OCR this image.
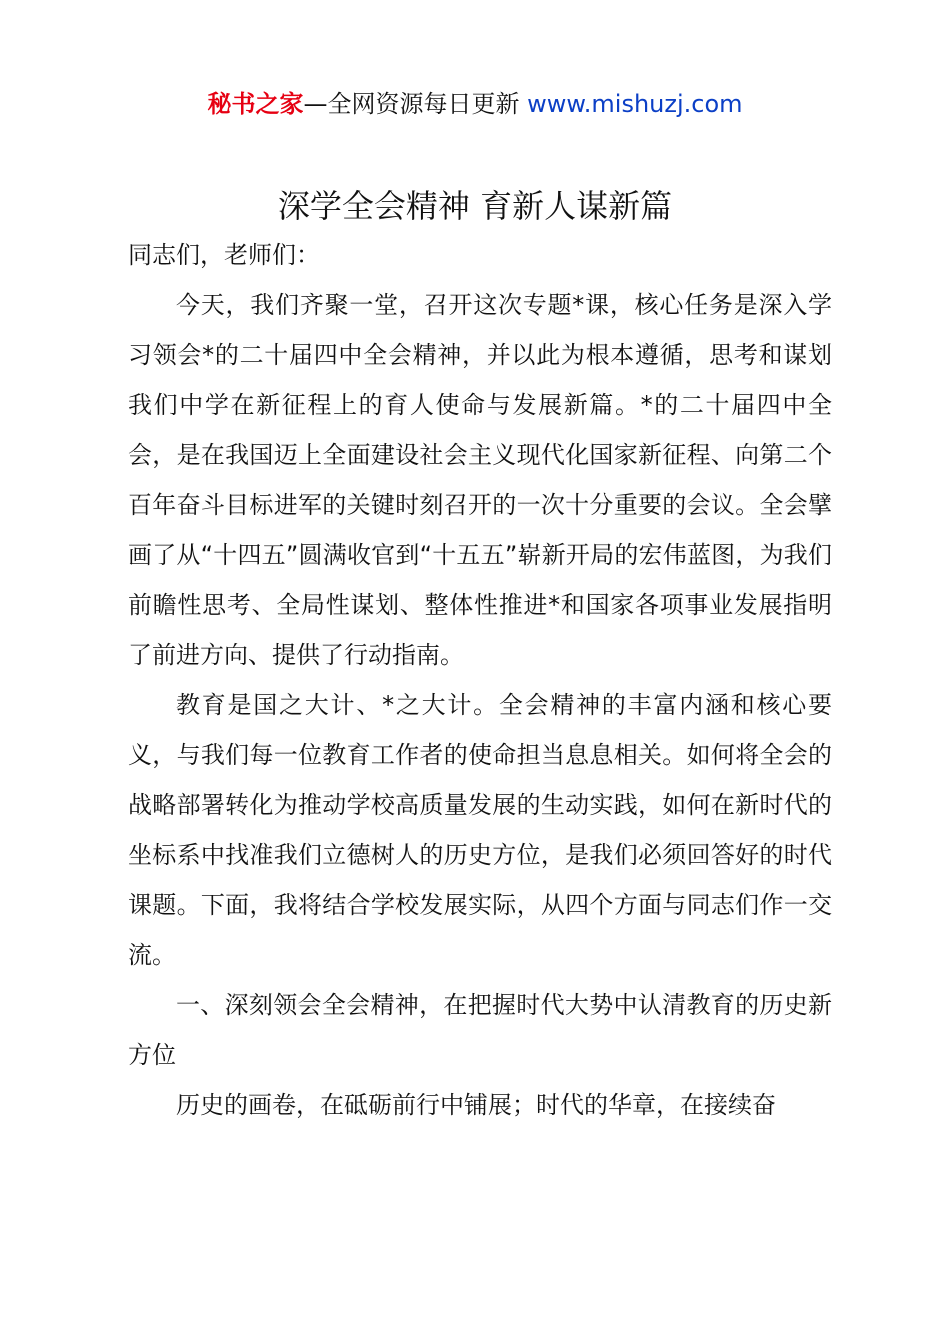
秘书之家—全网资源每日更新 www.mishuzj.com
深学全会精神 育新人谋新篇

同志们，老师们：

今天，我们齐聚一堂，召开这次专题*课，核心任务是深入学习领会*的二十届四中全会精神，并以此为根本遵循，思考和谋划我们中学在新征程上的育人使命与发展新篇。*的二十届四中全会，是在我国迈上全面建设社会主义现代化国家新征程、向第二个百年奋斗目标进军的关键时刻召开的一次十分重要的会议。全会擘画了从“十四五”圆满收官到“十五五”崭新开局的宏伟蓝图，为我们前瞻性思考、全局性谋划、整体性推进*和国家各项事业发展指明了前进方向、提供了行动指南。

教育是国之大计、*之大计。全会精神的丰富内涵和核心要义，与我们每一位教育工作者的使命担当息息相关。如何将全会的战略部署转化为推动学校高质量发展的生动实践，如何在新时代的坐标系中找准我们立德树人的历史方位，是我们必须回答好的时代课题。下面，我将结合学校发展实际，从四个方面与同志们作一交流。

一、深刻领会全会精神，在把握时代大势中认清教育的历史新方位

历史的画卷，在砥砺前行中铺展；时代的华章，在接续奋
